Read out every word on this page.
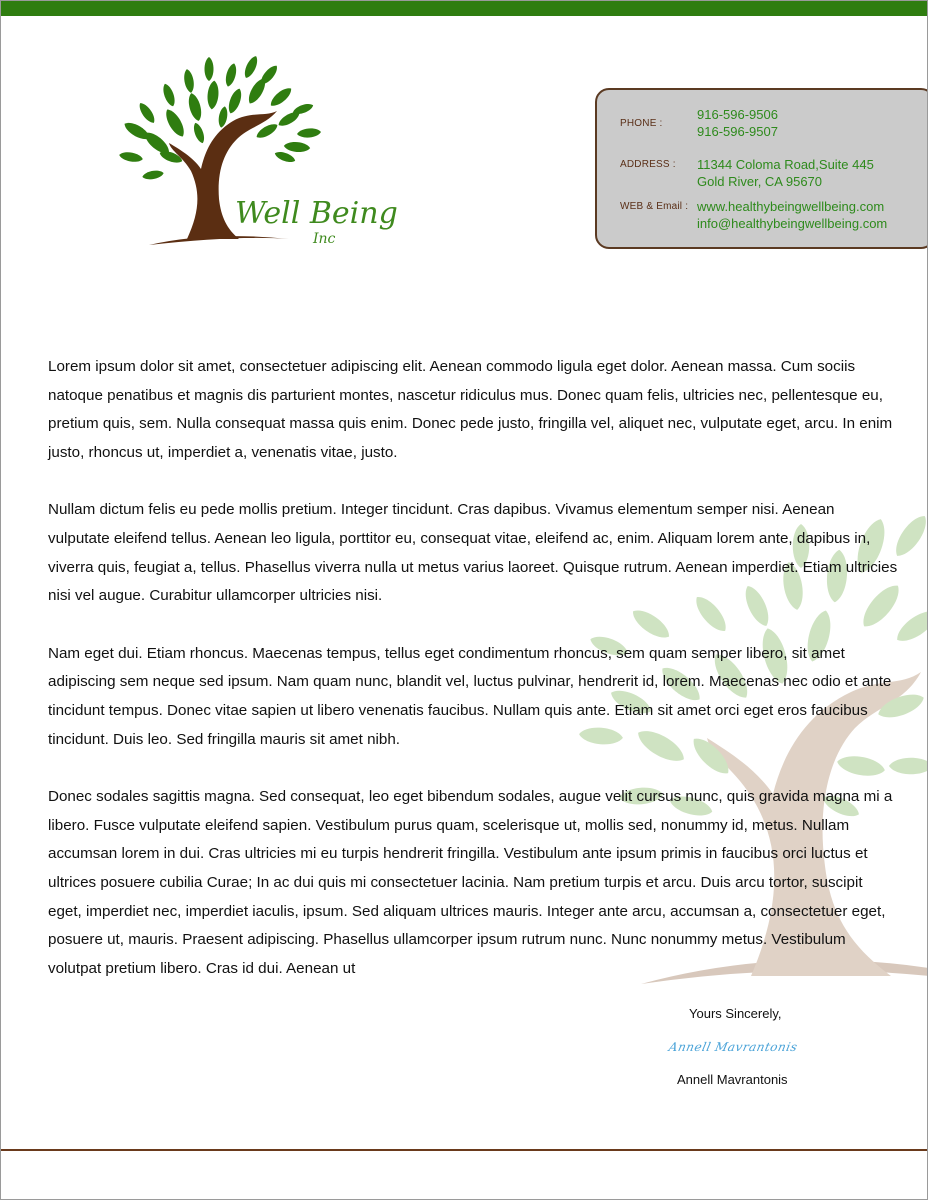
Well Being
Inc
PHONE :
916-596-9506
916-596-9507
ADDRESS : 11344 Coloma Road,Suite 445
Gold River, CA 95670
WEB & Email : www.healthybeingwellbeing.com
info@healthybeingwellbeing.com

Lorem ipsum dolor sit amet, consectetuer adipiscing elit. Aenean commodo ligula eget dolor. Aenean massa. Cum sociis natoque penatibus et magnis dis parturient montes, nascetur ridiculus mus. Donec quam felis, ultricies nec, pellentesque eu, pretium quis, sem. Nulla consequat massa quis enim. Donec pede justo, fringilla vel, aliquet nec, vulputate eget, arcu. In enim justo, rhoncus ut, imperdiet a, venenatis vitae, justo.

Nullam dictum felis eu pede mollis pretium. Integer tincidunt. Cras dapibus. Vivamus elementum semper nisi. Aenean vulputate eleifend tellus. Aenean leo ligula, porttitor eu, consequat vitae, eleifend ac, enim. Aliquam lorem ante, dapibus in, viverra quis, feugiat a, tellus. Phasellus viverra nulla ut metus varius laoreet. Quisque rutrum. Aenean imperdiet. Etiam ultricies nisi vel augue. Curabitur ullamcorper ultricies nisi.

Nam eget dui. Etiam rhoncus. Maecenas tempus, tellus eget condimentum rhoncus, sem quam semper libero, sit amet adipiscing sem neque sed ipsum. Nam quam nunc, blandit vel, luctus pulvinar, hendrerit id, lorem. Maecenas nec odio et ante tincidunt tempus. Donec vitae sapien ut libero venenatis faucibus. Nullam quis ante. Etiam sit amet orci eget eros faucibus tincidunt. Duis leo. Sed fringilla mauris sit amet nibh.

Donec sodales sagittis magna. Sed consequat, leo eget bibendum sodales, augue velit cursus nunc, quis gravida magna mi a libero. Fusce vulputate eleifend sapien. Vestibulum purus quam, scelerisque ut, mollis sed, nonummy id, metus. Nullam accumsan lorem in dui. Cras ultricies mi eu turpis hendrerit fringilla. Vestibulum ante ipsum primis in faucibus orci luctus et ultrices posuere cubilia Curae; In ac dui quis mi consectetuer lacinia. Nam pretium turpis et arcu. Duis arcu tortor, suscipit eget, imperdiet nec, imperdiet iaculis, ipsum. Sed aliquam ultrices mauris. Integer ante arcu, accumsan a, consectetuer eget, posuere ut, mauris. Praesent adipiscing. Phasellus ullamcorper ipsum rutrum nunc. Nunc nonummy metus. Vestibulum volutpat pretium libero. Cras id dui. Aenean ut

Yours Sincerely,
Annell Mavrantonis
Annell Mavrantonis
